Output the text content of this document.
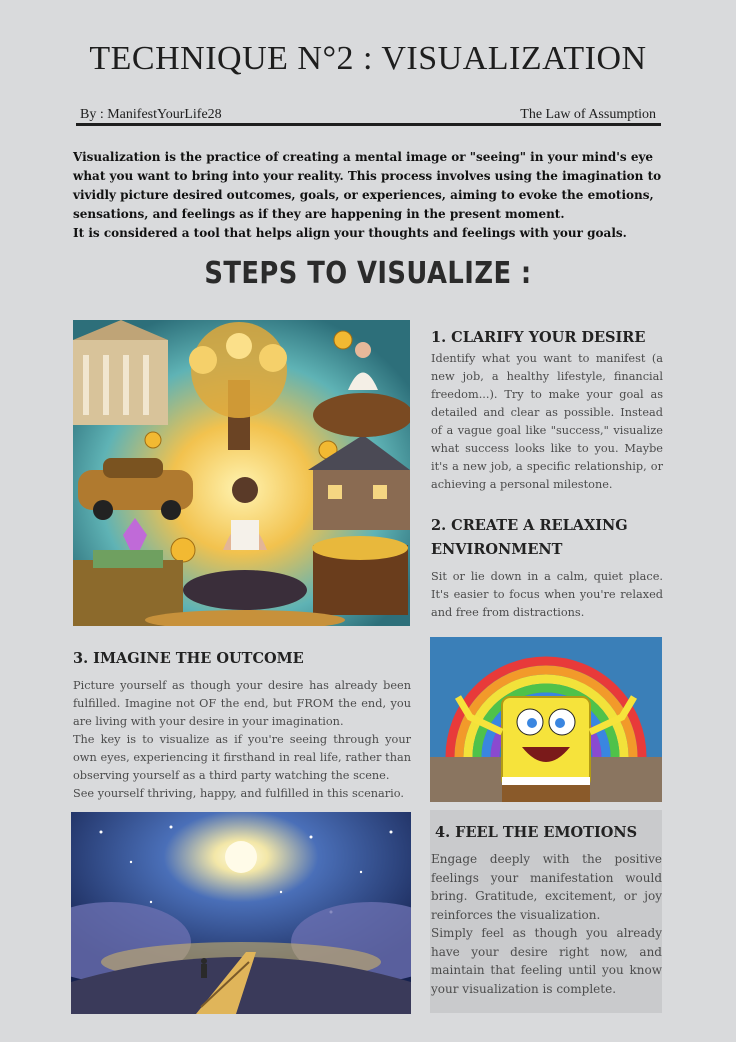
TECHNIQUE N°2 : VISUALIZATION
By : ManifestYourLife28	The Law of Assumption

Visualization is the practice of creating a mental image or "seeing" in your mind's eye what you want to bring into your reality. This process involves using the imagination to vividly picture desired outcomes, goals, or experiences, aiming to evoke the emotions, sensations, and feelings as if they are happening in the present moment.

It is considered a tool that helps align your thoughts and feelings with your goals.

STEPS TO VISUALIZE :
1. CLARIFY YOUR DESIRE

Identify what you want to manifest (a new job, a healthy lifestyle, financial freedom...). Try to make your goal as detailed and clear as possible. Instead of a vague goal like "success," visualize what success looks like to you. Maybe it's a new job, a specific relationship, or achieving a personal milestone.

2. CREATE A RELAXING ENVIRONMENT

Sit or lie down in a calm, quiet place. It's easier to focus when you're relaxed and free from distractions.

3. IMAGINE THE OUTCOME

Picture yourself as though your desire has already been fulfilled. Imagine not OF the end, but FROM the end, you are living with your desire in your imagination.

The key is to visualize as if you're seeing through your own eyes, experiencing it firsthand in real life, rather than observing yourself as a third party watching the scene.

See yourself thriving, happy, and fulfilled in this scenario.

4. FEEL THE EMOTIONS

Engage deeply with the positive feelings your manifestation would bring. Gratitude, excitement, or joy reinforces the visualization.

Simply feel as though you already have your desire right now, and maintain that feeling until you know your visualization is complete.
